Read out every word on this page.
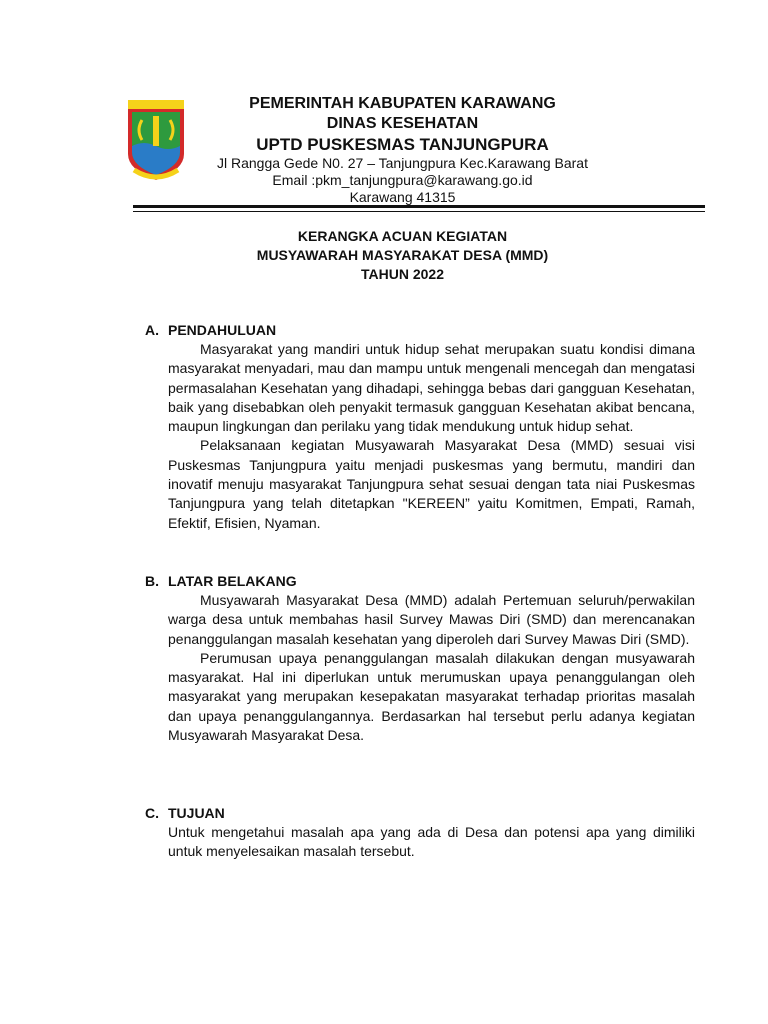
PEMERINTAH KABUPATEN KARAWANG
DINAS KESEHATAN
UPTD PUSKESMAS TANJUNGPURA
Jl Rangga Gede N0. 27 – Tanjungpura Kec.Karawang Barat
Email :pkm_tanjungpura@karawang.go.id
Karawang 41315
KERANGKA ACUAN KEGIATAN
MUSYAWARAH MASYARAKAT DESA (MMD)
TAHUN 2022
A. PENDAHULUAN

Masyarakat yang mandiri untuk hidup sehat merupakan suatu kondisi dimana masyarakat menyadari, mau dan mampu untuk mengenali mencegah dan mengatasi permasalahan Kesehatan yang dihadapi, sehingga bebas dari gangguan Kesehatan, baik yang disebabkan oleh penyakit termasuk gangguan Kesehatan akibat bencana, maupun lingkungan dan perilaku yang tidak mendukung untuk hidup sehat.

Pelaksanaan kegiatan Musyawarah Masyarakat Desa (MMD) sesuai visi Puskesmas Tanjungpura yaitu menjadi puskesmas yang bermutu, mandiri dan inovatif menuju masyarakat Tanjungpura sehat sesuai dengan tata niai Puskesmas Tanjungpura yang telah ditetapkan "KEREEN” yaitu Komitmen, Empati, Ramah, Efektif, Efisien, Nyaman.

B. LATAR BELAKANG

Musyawarah Masyarakat Desa (MMD) adalah Pertemuan seluruh/perwakilan warga desa untuk membahas hasil Survey Mawas Diri (SMD) dan merencanakan penanggulangan masalah kesehatan yang diperoleh dari Survey Mawas Diri (SMD).

Perumusan upaya penanggulangan masalah dilakukan dengan musyawarah masyarakat. Hal ini diperlukan untuk merumuskan upaya penanggulangan oleh masyarakat yang merupakan kesepakatan masyarakat terhadap prioritas masalah dan upaya penanggulangannya. Berdasarkan hal tersebut perlu adanya kegiatan Musyawarah Masyarakat Desa.

C. TUJUAN

Untuk mengetahui masalah apa yang ada di Desa dan potensi apa yang dimiliki untuk menyelesaikan masalah tersebut.
